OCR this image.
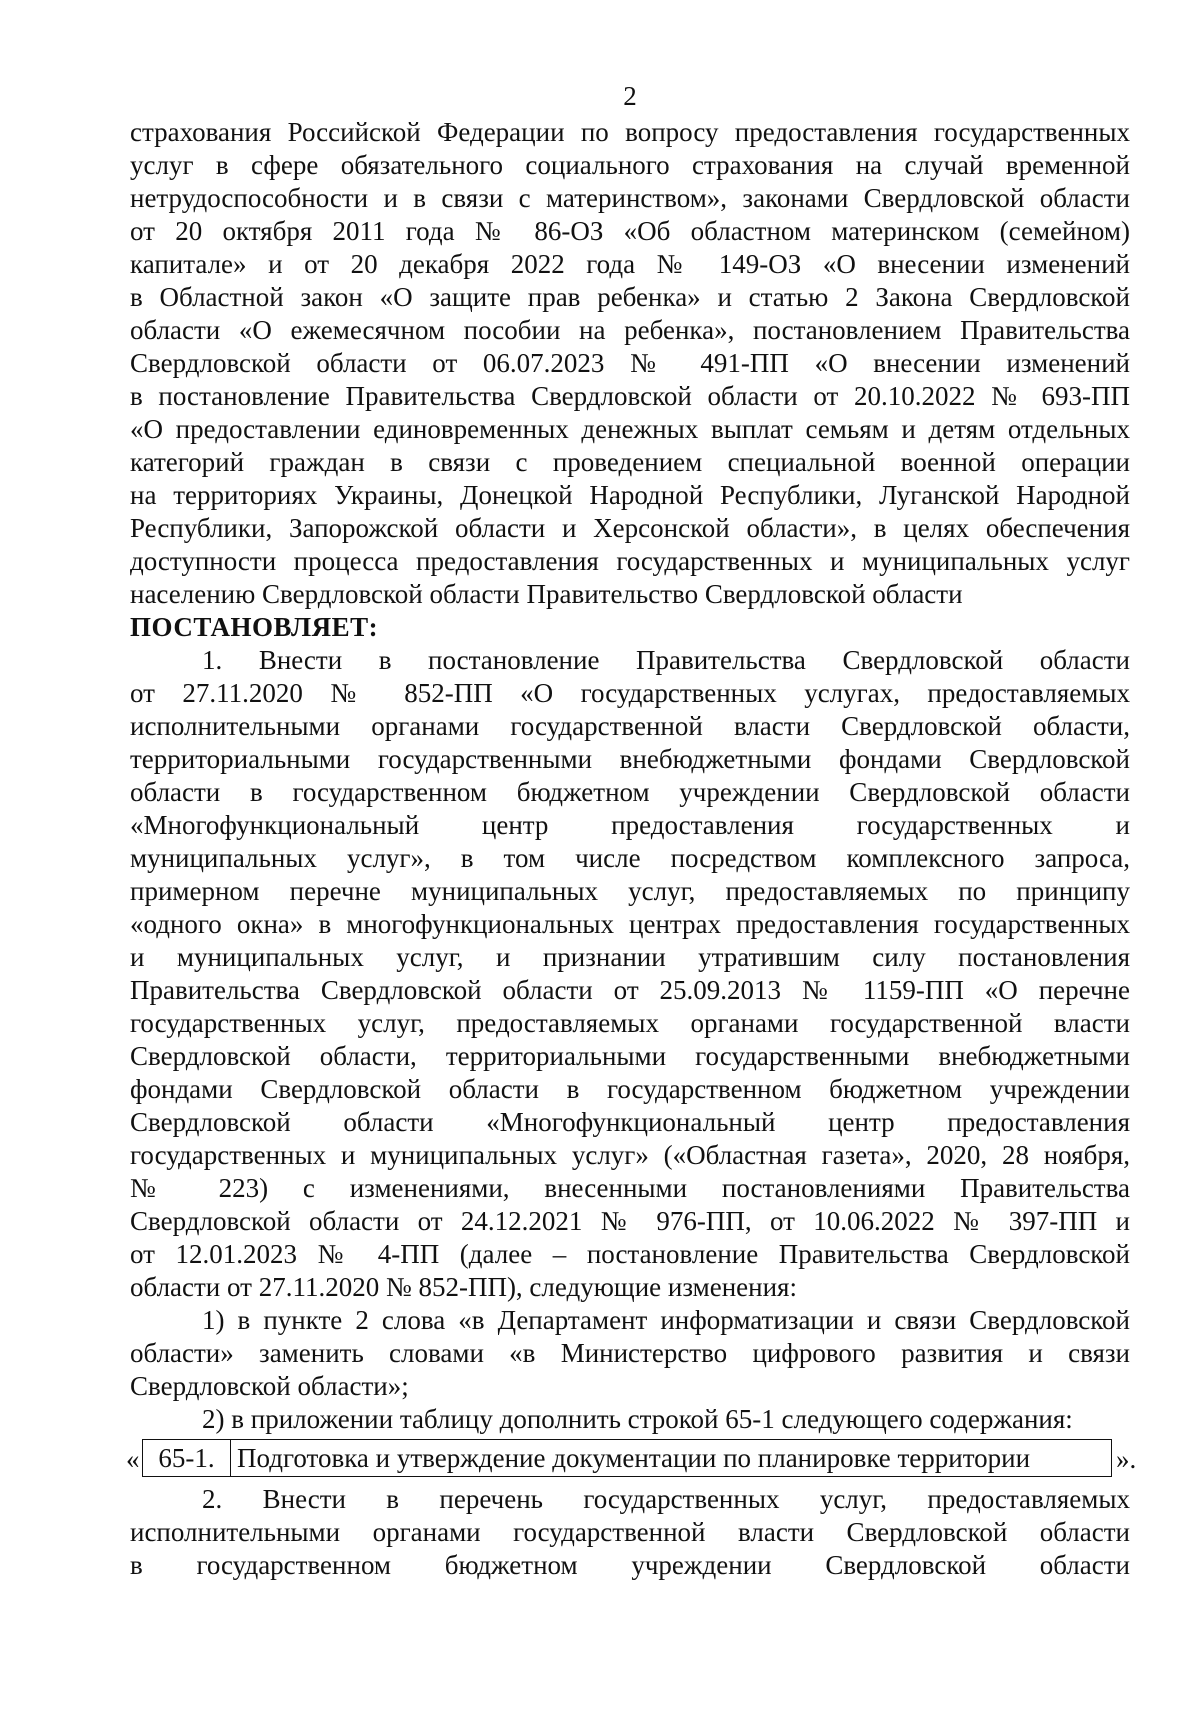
2
страхования Российской Федерации по вопросу предоставления государственных
услуг в сфере обязательного социального страхования на случай временной
нетрудоспособности и в связи с материнством», законами Свердловской области
от 20 октября 2011 года № 86-ОЗ «Об областном материнском (семейном)
капитале» и от 20 декабря 2022 года № 149-ОЗ «О внесении изменений
в Областной закон «О защите прав ребенка» и статью 2 Закона Свердловской
области «О ежемесячном пособии на ребенка», постановлением Правительства
Свердловской области от 06.07.2023 № 491-ПП «О внесении изменений
в постановление Правительства Свердловской области от 20.10.2022 № 693-ПП
«О предоставлении единовременных денежных выплат семьям и детям отдельных
категорий граждан в связи с проведением специальной военной операции
на территориях Украины, Донецкой Народной Республики, Луганской Народной
Республики, Запорожской области и Херсонской области», в целях обеспечения
доступности процесса предоставления государственных и муниципальных услуг
населению Свердловской области Правительство Свердловской области
ПОСТАНОВЛЯЕТ:
1. Внести в постановление Правительства Свердловской области
от 27.11.2020 № 852-ПП «О государственных услугах, предоставляемых
исполнительными органами государственной власти Свердловской области,
территориальными государственными внебюджетными фондами Свердловской
области в государственном бюджетном учреждении Свердловской области
«Многофункциональный центр предоставления государственных и
муниципальных услуг», в том числе посредством комплексного запроса,
примерном перечне муниципальных услуг, предоставляемых по принципу
«одного окна» в многофункциональных центрах предоставления государственных
и муниципальных услуг, и признании утратившим силу постановления
Правительства Свердловской области от 25.09.2013 № 1159-ПП «О перечне
государственных услуг, предоставляемых органами государственной власти
Свердловской области, территориальными государственными внебюджетными
фондами Свердловской области в государственном бюджетном учреждении
Свердловской области «Многофункциональный центр предоставления
государственных и муниципальных услуг» («Областная газета», 2020, 28 ноября,
№ 223) с изменениями, внесенными постановлениями Правительства
Свердловской области от 24.12.2021 № 976-ПП, от 10.06.2022 № 397-ПП и
от 12.01.2023 № 4-ПП (далее – постановление Правительства Свердловской
области от 27.11.2020 № 852-ПП), следующие изменения:
1) в пункте 2 слова «в Департамент информатизации и связи Свердловской
области» заменить словами «в Министерство цифрового развития и связи
Свердловской области»;
2) в приложении таблицу дополнить строкой 65-1 следующего содержания:
« 65-1. Подготовка и утверждение документации по планировке территории	».
2. Внести в перечень государственных услуг, предоставляемых
исполнительными органами государственной власти Свердловской области
в государственном бюджетном учреждении Свердловской области
